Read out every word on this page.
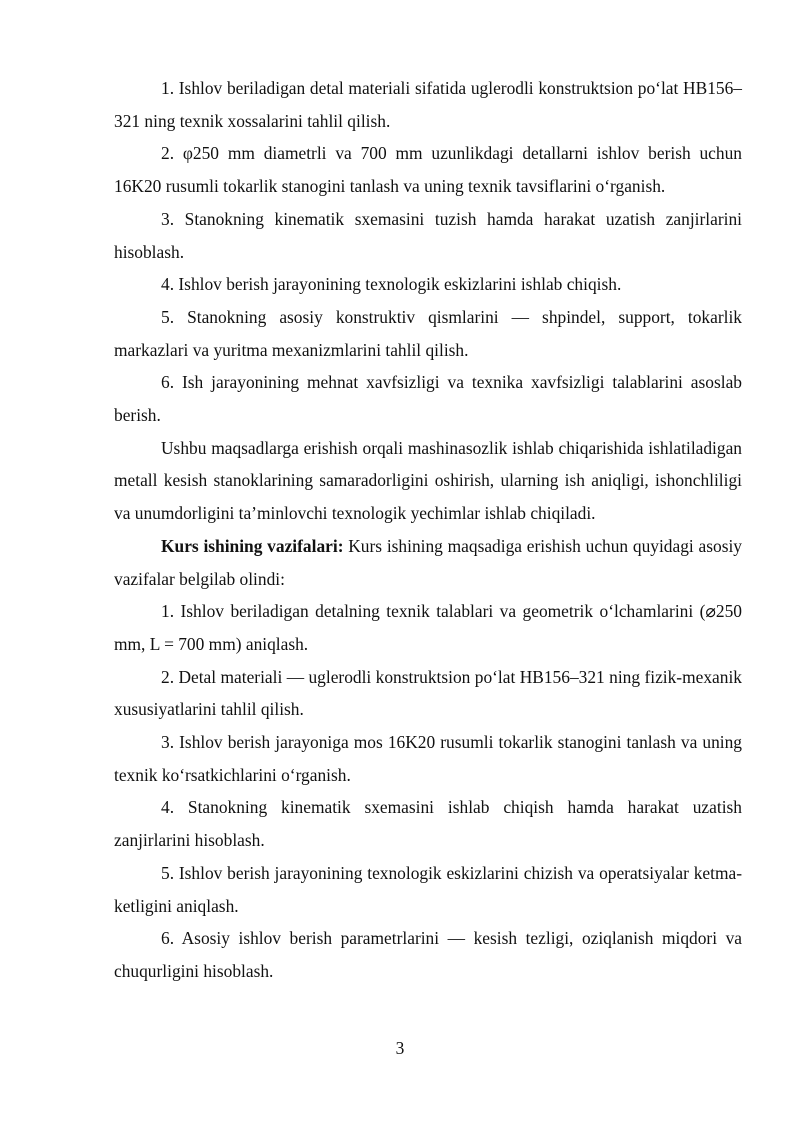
1. Ishlov beriladigan detal materiali sifatida uglerodli konstruktsion po‘lat HB156–321 ning texnik xossalarini tahlil qilish.

2. φ250 mm diametrli va 700 mm uzunlikdagi detallarni ishlov berish uchun 16K20 rusumli tokarlik stanogini tanlash va uning texnik tavsiflarini o‘rganish.

3. Stanokning kinematik sxemasini tuzish hamda harakat uzatish zanjirlarini hisoblash.

4. Ishlov berish jarayonining texnologik eskizlarini ishlab chiqish.

5. Stanokning asosiy konstruktiv qismlarini — shpindel, support, tokarlik markazlari va yuritma mexanizmlarini tahlil qilish.

6. Ish jarayonining mehnat xavfsizligi va texnika xavfsizligi talablarini asoslab berish.

Ushbu maqsadlarga erishish orqali mashinasozlik ishlab chiqarishida ishlatiladigan metall kesish stanoklarining samaradorligini oshirish, ularning ish aniqligi, ishonchliligi va unumdorligini ta’minlovchi texnologik yechimlar ishlab chiqiladi.

Kurs ishining vazifalari: Kurs ishining maqsadiga erishish uchun quyidagi asosiy vazifalar belgilab olindi:

1. Ishlov beriladigan detalning texnik talablari va geometrik o‘lchamlarini (⌀250 mm, L = 700 mm) aniqlash.

2. Detal materiali — uglerodli konstruktsion po‘lat HB156–321 ning fizik-mexanik xususiyatlarini tahlil qilish.

3. Ishlov berish jarayoniga mos 16K20 rusumli tokarlik stanogini tanlash va uning texnik ko‘rsatkichlarini o‘rganish.

4. Stanokning kinematik sxemasini ishlab chiqish hamda harakat uzatish zanjirlarini hisoblash.

5. Ishlov berish jarayonining texnologik eskizlarini chizish va operatsiyalar ketma-ketligini aniqlash.

6. Asosiy ishlov berish parametrlarini — kesish tezligi, oziqlanish miqdori va chuqurligini hisoblash.

3
